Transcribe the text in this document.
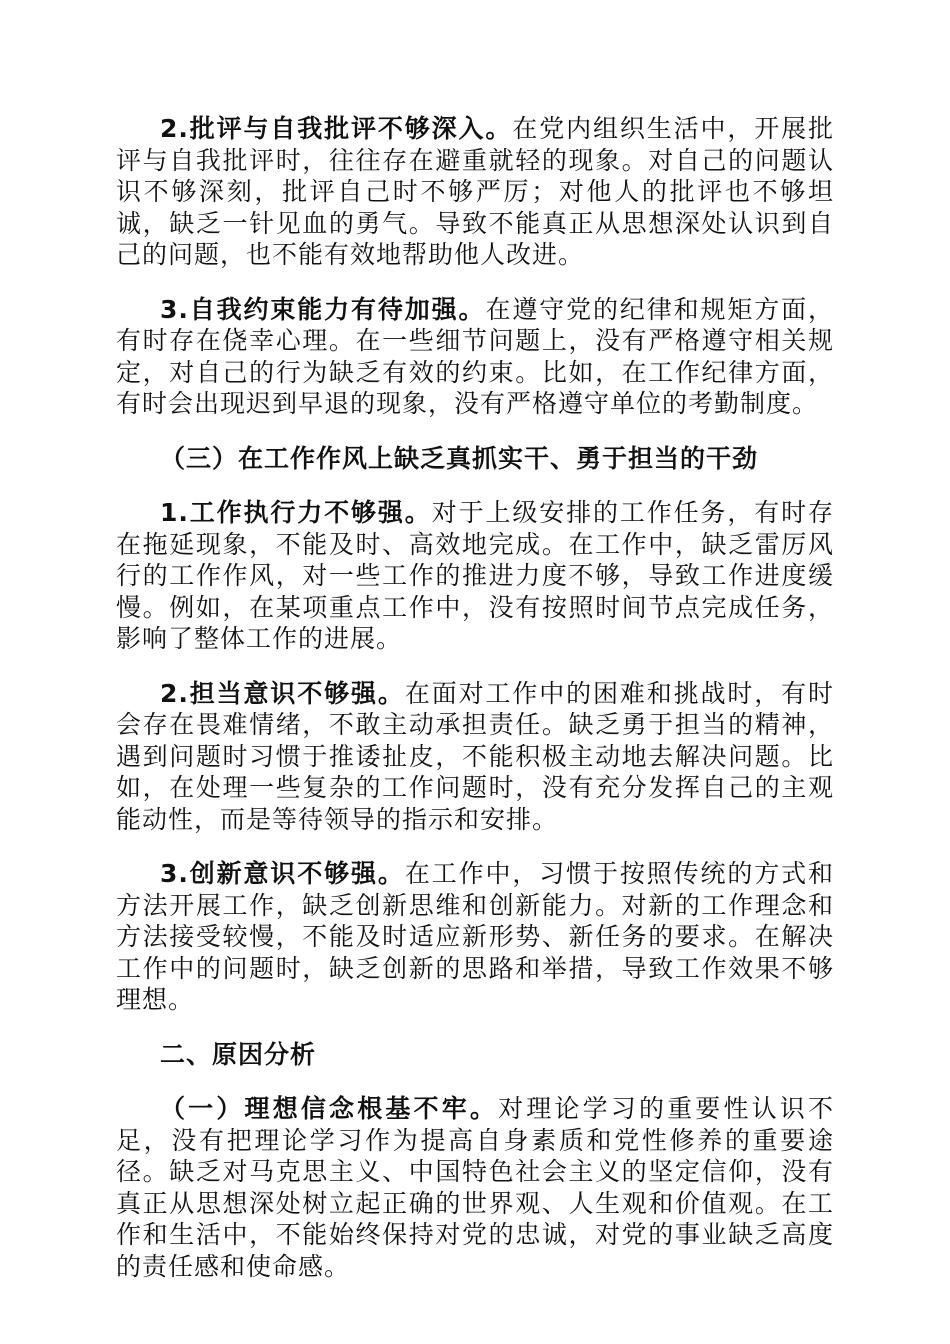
2.批评与自我批评不够深入。在党内组织生活中，开展批评与自我批评时，往往存在避重就轻的现象。对自己的问题认识不够深刻，批评自己时不够严厉；对他人的批评也不够坦诚，缺乏一针见血的勇气。导致不能真正从思想深处认识到自己的问题，也不能有效地帮助他人改进。

3.自我约束能力有待加强。在遵守党的纪律和规矩方面，有时存在侥幸心理。在一些细节问题上，没有严格遵守相关规定，对自己的行为缺乏有效的约束。比如，在工作纪律方面，有时会出现迟到早退的现象，没有严格遵守单位的考勤制度。

（三）在工作作风上缺乏真抓实干、勇于担当的干劲

1.工作执行力不够强。对于上级安排的工作任务，有时存在拖延现象，不能及时、高效地完成。在工作中，缺乏雷厉风行的工作作风，对一些工作的推进力度不够，导致工作进度缓慢。例如，在某项重点工作中，没有按照时间节点完成任务，影响了整体工作的进展。

2.担当意识不够强。在面对工作中的困难和挑战时，有时会存在畏难情绪，不敢主动承担责任。缺乏勇于担当的精神，遇到问题时习惯于推诿扯皮，不能积极主动地去解决问题。比如，在处理一些复杂的工作问题时，没有充分发挥自己的主观能动性，而是等待领导的指示和安排。

3.创新意识不够强。在工作中，习惯于按照传统的方式和方法开展工作，缺乏创新思维和创新能力。对新的工作理念和方法接受较慢，不能及时适应新形势、新任务的要求。在解决工作中的问题时，缺乏创新的思路和举措，导致工作效果不够理想。

二、原因分析

（一）理想信念根基不牢。对理论学习的重要性认识不足，没有把理论学习作为提高自身素质和党性修养的重要途径。缺乏对马克思主义、中国特色社会主义的坚定信仰，没有真正从思想深处树立起正确的世界观、人生观和价值观。在工作和生活中，不能始终保持对党的忠诚，对党的事业缺乏高度的责任感和使命感。
